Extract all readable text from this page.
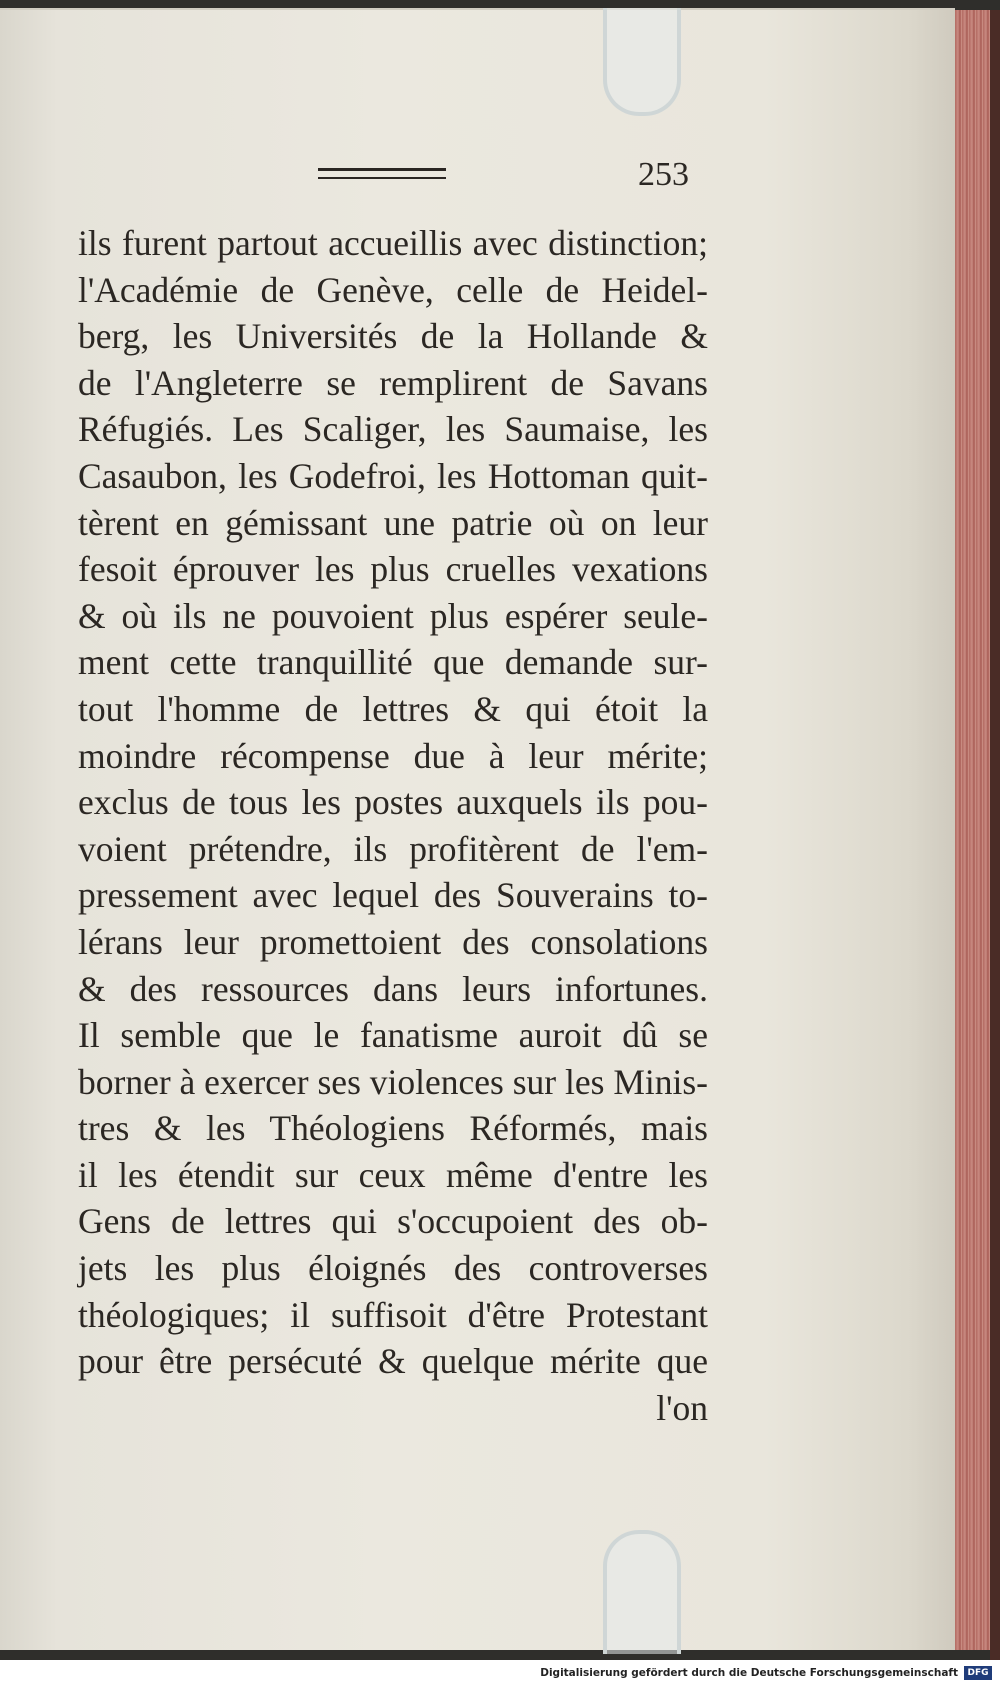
253
ils furent partout accueillis avec distinction;
l'Académie de Genève, celle de Heidel-
berg, les Universités de la Hollande &
de l'Angleterre se remplirent de Savans
Réfugiés. Les Scaliger, les Saumaise, les
Casaubon, les Godefroi, les Hottoman quit-
tèrent en gémissant une patrie où on leur
fesoit éprouver les plus cruelles vexations
& où ils ne pouvoient plus espérer seule-
ment cette tranquillité que demande sur-
tout l'homme de lettres & qui étoit la
moindre récompense due à leur mérite;
exclus de tous les postes auxquels ils pou-
voient prétendre, ils profitèrent de l'em-
pressement avec lequel des Souverains to-
lérans leur promettoient des consolations
& des ressources dans leurs infortunes.
Il semble que le fanatisme auroit dû se
borner à exercer ses violences sur les Minis-
tres & les Théologiens Réformés, mais
il les étendit sur ceux même d'entre les
Gens de lettres qui s'occupoient des ob-
jets les plus éloignés des controverses
théologiques; il suffisoit d'être Protestant
pour être persécuté & quelque mérite que
l'on
Digitalisierung gefördert durch die Deutsche Forschungsgemeinschaft	DFG
